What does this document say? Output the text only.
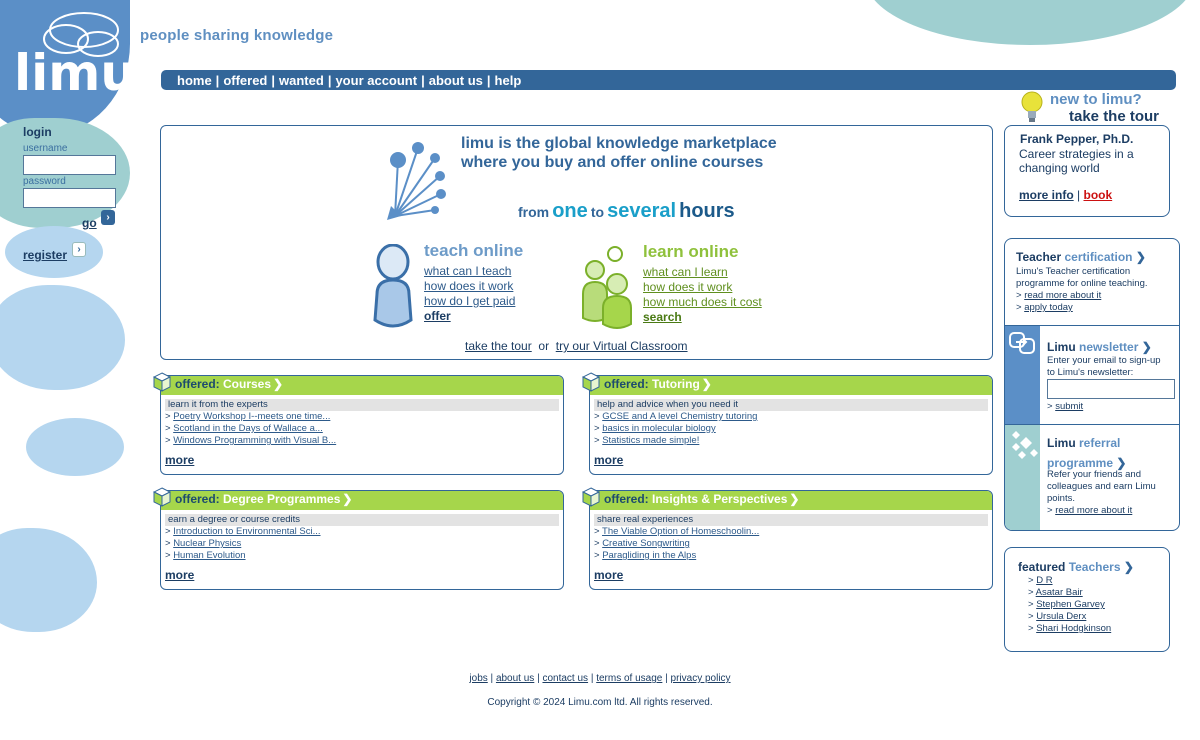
limu
people sharing knowledge
home | offered | wanted | your account | about us | help
login
username
password
go ›
register	›
limu is the global knowledge marketplace
where you buy and offer online courses
from one to several hours
teach online
what can I teach
how does it work
how do I get paid
offer
learn online
what can I learn
how does it work
how much does it cost
search
take the tour or try our Virtual Classroom
offered: Courses ❯
learn it from the experts
> Poetry Workshop I--meets one time...
> Scotland in the Days of Wallace a...
> Windows Programming with Visual B...
more
offered: Tutoring ❯
help and advice when you need it
> GCSE and A level Chemistry tutoring
> basics in molecular biology
> Statistics made simple!
more
offered: Degree Programmes ❯
earn a degree or course credits
> Introduction to Environmental Sci...
> Nuclear Physics
> Human Evolution
more
offered: Insights & Perspectives ❯
share real experiences
> The Viable Option of Homeschoolin...
> Creative Songwriting
> Paragliding in the Alps
more
new to limu?
take the tour
Frank Pepper, Ph.D.
Career strategies in a
changing world
more info | book
Teacher certification ❯
Limu's Teacher certification
programme for online teaching.
> read more about it
> apply today
Limu newsletter ❯
Enter your email to sign-up
to Limu's newsletter:
> submit
Limu referral
programme ❯
Refer your friends and
colleagues and earn Limu
points.
> read more about it
featured Teachers ❯
> D R
> Asatar Bair
> Stephen Garvey
> Ursula Derx
> Shari Hodgkinson
jobs | about us | contact us | terms of usage | privacy policy
Copyright © 2024 Limu.com ltd. All rights reserved.
